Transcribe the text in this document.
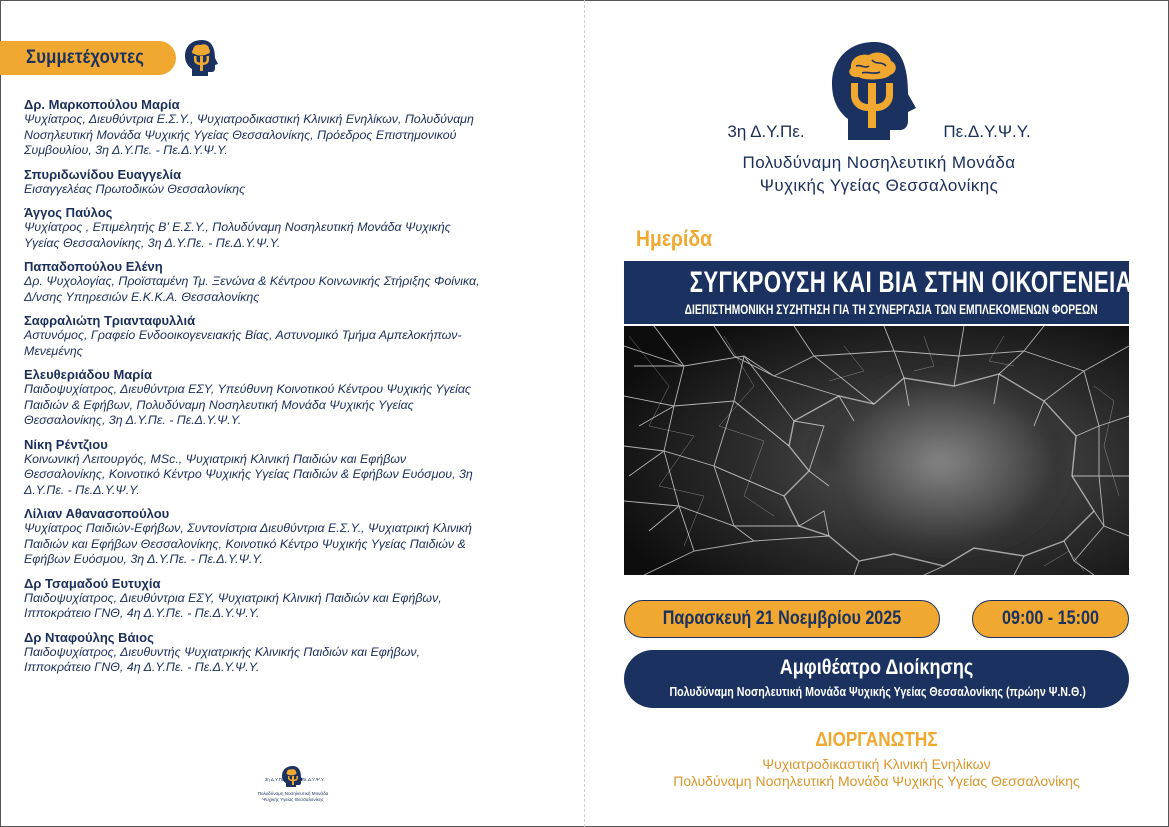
Συμμετέχοντες
Δρ. Μαρκοπούλου Μαρία
Ψυχίατρος, Διευθύντρια Ε.Σ.Υ., Ψυχιατροδικαστική Κλινική Ενηλίκων, Πολυδύναμη
Νοσηλευτική Μονάδα Ψυχικής Υγείας Θεσσαλονίκης, Πρόεδρος Επιστημονικού
Συμβουλίου, 3η Δ.Υ.Πε. - Πε.Δ.Υ.Ψ.Υ.
Σπυριδωνίδου Ευαγγελία
Εισαγγελέας Πρωτοδικών Θεσσαλονίκης
Άγγος Παύλος
Ψυχίατρος , Επιμελητής Β' Ε.Σ.Υ., Πολυδύναμη Νοσηλευτική Μονάδα Ψυχικής
Υγείας Θεσσαλονίκης, 3η Δ.Υ.Πε. - Πε.Δ.Υ.Ψ.Υ.
Παπαδοπούλου Ελένη
Δρ. Ψυχολογίας, Προϊσταμένη Τμ. Ξενώνα & Κέντρου Κοινωνικής Στήριξης Φοίνικα,
Δ/νσης Υπηρεσιών Ε.Κ.Κ.Α. Θεσσαλονίκης
Σαφραλιώτη Τριανταφυλλιά
Αστυνόμος, Γραφείο Ενδοοικογενειακής Βίας, Αστυνομικό Τμήμα Αμπελοκήπων-
Μενεμένης
Ελευθεριάδου Μαρία
Παιδοψυχίατρος, Διευθύντρια ΕΣΥ, Υπεύθυνη Κοινοτικού Κέντρου Ψυχικής Υγείας
Παιδιών & Εφήβων, Πολυδύναμη Νοσηλευτική Μονάδα Ψυχικής Υγείας
Θεσσαλονίκης, 3η Δ.Υ.Πε. - Πε.Δ.Υ.Ψ.Υ.
Νίκη Ρέντζιου
Κοινωνική Λειτουργός, MSc., Ψυχιατρική Κλινική Παιδιών και Εφήβων
Θεσσαλονίκης, Κοινοτικό Κέντρο Ψυχικής Υγείας Παιδιών & Εφήβων Ευόσμου, 3η
Δ.Υ.Πε. - Πε.Δ.Υ.Ψ.Υ.
Λίλιαν Αθανασοπούλου
Ψυχίατρος Παιδιών-Εφήβων, Συντονίστρια Διευθύντρια Ε.Σ.Υ., Ψυχιατρική Κλινική
Παιδιών και Εφήβων Θεσσαλονίκης, Κοινοτικό Κέντρο Ψυχικής Υγείας Παιδιών &
Εφήβων Ευόσμου, 3η Δ.Υ.Πε. - Πε.Δ.Υ.Ψ.Υ.
Δρ Τσαμαδού Ευτυχία
Παιδοψυχίατρος, Διευθύντρια ΕΣΥ, Ψυχιατρική Κλινική Παιδιών και Εφήβων,
Ιπποκράτειο ΓΝΘ, 4η Δ.Υ.Πε. - Πε.Δ.Υ.Ψ.Υ.
Δρ Νταφούλης Βάιος
Παιδοψυχίατρος, Διευθυντής Ψυχιατρικής Κλινικής Παιδιών και Εφήβων,
Ιπποκράτειο ΓΝΘ, 4η Δ.Υ.Πε. - Πε.Δ.Υ.Ψ.Υ.
3η Δ.Υ.Πε.	Πε.Δ.Υ.Ψ.Υ.
Πολυδύναμη Νοσηλευτική Μονάδα
Ψυχικής Υγείας Θεσσαλονίκης
3η Δ.Υ.Πε.	Πε.Δ.Υ.Ψ.Υ.
Πολυδύναμη Νοσηλευτική Μονάδα
Ψυχικής Υγείας Θεσσαλονίκης
Ημερίδα
ΣΥΓΚΡΟΥΣΗ ΚΑΙ ΒΙΑ ΣΤΗΝ ΟΙΚΟΓΕΝΕΙΑ
ΔΙΕΠΙΣΤΗΜΟΝΙΚΗ ΣΥΖΗΤΗΣΗ ΓΙΑ ΤΗ ΣΥΝΕΡΓΑΣΙΑ ΤΩΝ ΕΜΠΛΕΚΟΜΕΝΩΝ ΦΟΡΕΩΝ
Παρασκευή 21 Νοεμβρίου 2025	09:00 - 15:00
Αμφιθέατρο Διοίκησης
Πολυδύναμη Νοσηλευτική Μονάδα Ψυχικής Υγείας Θεσσαλονίκης (πρώην Ψ.Ν.Θ.)
ΔΙΟΡΓΑΝΩΤΗΣ
Ψυχιατροδικαστική Κλινική Ενηλίκων
Πολυδύναμη Νοσηλευτική Μονάδα Ψυχικής Υγείας Θεσσαλονίκης
